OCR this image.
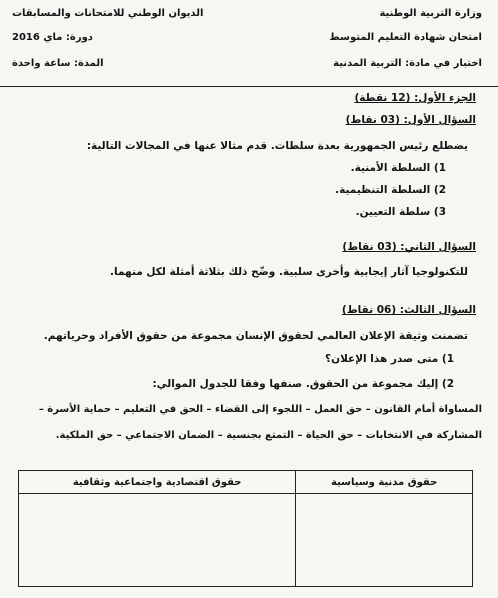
وزارة التربية الوطنية
امتحان شهادة التعليم المتوسط
اختبار في مادة: التربية المدنية
الديوان الوطني للامتحانات والمسابقات
دورة: ماي 2016
المدة: ساعة واحدة
الجزء الأول: (12 نقطة)
السؤال الأول: (03 نقاط)
يضطلع رئيس الجمهورية بعدة سلطات. قدم مثالا عنها في المجالات التالية:
1) السلطة الأمنية.
2) السلطة التنظيمية.
3) سلطة التعيين.
السؤال الثاني: (03 نقاط)
للتكنولوجيا آثار إيجابية وأخرى سلبية. وضّح ذلك بثلاثة أمثلة لكل منهما.
السؤال الثالث: (06 نقاط)
تضمنت وثيقة الإعلان العالمي لحقوق الإنسان مجموعة من حقوق الأفراد وحرياتهم.
1) متى صدر هذا الإعلان؟
2) إليك مجموعة من الحقوق. صنفها وفقا للجدول الموالي:
المساواة أمام القانون – حق العمل – اللجوء إلى القضاء – الحق في التعليم – حماية الأسرة –
المشاركة في الانتخابات – حق الحياة – التمتع بجنسية – الضمان الاجتماعي – حق الملكية.
حقوق مدنية وسياسية	حقوق اقتصادية واجتماعية وثقافية
